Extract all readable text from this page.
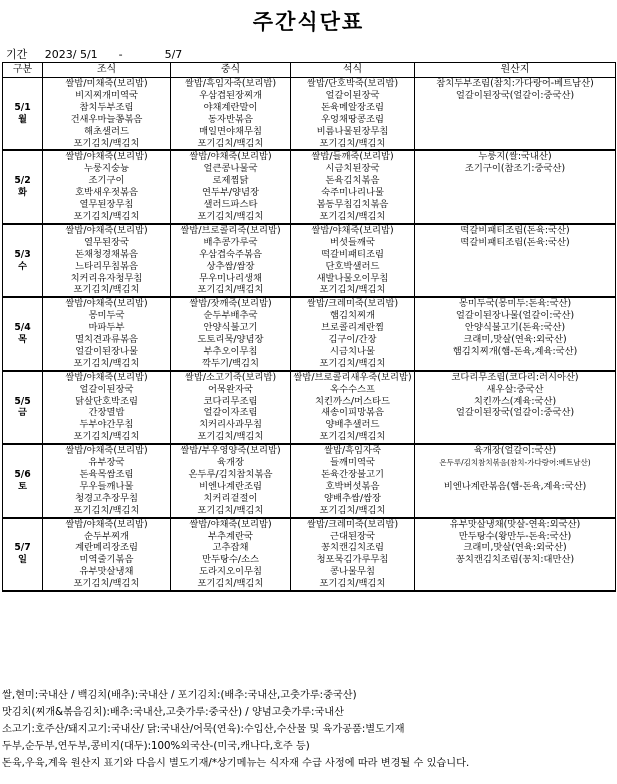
주간식단표
기간 2023/ 5/1 -	5/7
구분	조식	중식	석식	원산지

5/1
월	쌀밥/미채죽(보리밥)	쌀밥/흑임자죽(보리밥)	쌀밥/단호박죽(보리밥)	참치두부조림(참치:가다랑어-베트남산)
	비지찌개미역국	우삼겹된장찌개	얼갈이된장국	얼갈이된장국(얼갈이:중국산)
	참치두부조림	야채계란말이	돈육메알장조림	
	건새우마늘쫑볶음	동자반볶음	우엉채땅콩조림	
	해초샐러드	매일면야채무침	비름나물된장무침	
	포기김치/백김치	포기김치/백김치	포기김치/백김치	

5/2
화	쌀밥/야채죽(보리밥)	쌀밥/야채죽(보리밥)	쌀밥/들깨죽(보리밥)	누룽지(쌀:국내산)
	누룽지숭늉	얼큰콩나물국	시금치된장국	조기구이(참조기:중국산)
	조기구이	로제찜닭	돈육김치볶음	
	호박새우젓볶음	연두부/양념장	숙주미나리나물	
	열무된장무침	샐러드파스타	봄동무침김치볶음	
	포기김치/백김치	포기김치/백김치	포기김치/백김치	

5/3
수	쌀밥/야채죽(보리밥)	쌀밥/브로콜리죽(보리밥)	쌀밥/야채죽(보리밥)	떡갈비패티조림(돈육:국산)
	열무된장국	배추콩가루국	버섯들깨국	떡갈비패티조림(돈육:국산)
	돈채청경채볶음	우삼겹숙주볶음	떡갈비패티조림	
	느타리무침볶음	상추쌈/쌈장	단호박샐러드	
	치커리유자청무침	무우미나리생채	새발나물오이무침	
	포기김치/백김치	포기김치/백김치	포기김치/백김치	

5/4
목	쌀밥/야채죽(보리밥)	쌀밥/잣깨죽(보리밥)	쌀밥/크레미죽(보리밥)	몽미두국(몽미두:돈육:국산)
	몽미두국	순두부배추국	햄김치찌개	얼갈이된장나물(얼갈이:국산)
	마파두부	안양식불고기	브로콜리계란찜	안양식불고기(돈육:국산)
	멸치견과류볶음	도토리묵/양념장	김구이/간장	크래미,맛살(연육:외국산)
	얼갈이된장나물	부추오이무침	시금치나물	햄김치찌개(햄-돈육,계육:국산)
	포기김치/백김치	깍두기/백김치	포기김치/백김치	

5/5
금	쌀밥/야채죽(보리밥)	쌀밥/소고기죽(보리밥)	쌀밥/브로콜리새우죽(보리밥)	코다리무조림(코다리:러시아산)
	얼갈이된장국	어묵완자국	옥수수스프	새우살:중국산
	닭살단호박조림	코다리무조림	치킨까스/머스타드	치킨까스(계육:국산)
	간장멸밥	얼갈이자조림	새송이피망볶음	얼갈이된장국(얼갈이:중국산)
	두부야간무침	치커리사과무침	양배추샐러드	
	포기김치/백김치	포기김치/백김치	포기김치/백김치	

5/6
토	쌀밥/야채죽(보리밥)	쌀밥/부우영양죽(보리밥)	쌀밥/흑임자죽	육개장(얼갈이:국산)
	유부장국	육개장	들깨미역국	온두루/김치참치볶음(참치-가다랑어:베트남산)
	돈육목쌈조림	온두루/김치참치볶음	돈육간장불고기	
	무우들깨나물	비엔나계란조림	호박버섯볶음	비엔나계란볶음(햄-돈육,계육:국산)
	청경고추장무침	치커리겉절이	양배추쌈/쌈장	
	포기김치/백김치	포기김치/백김치	포기김치/백김치	

5/7
일	쌀밥/야채죽(보리밥)	쌀밥/야채죽(보리밥)	쌀밥/크레미죽(보리밥)	유부맛살냉채(맛살-연육:외국산)
	순두부찌개	부추계란국	근대된장국	만두탕수(왕만두-돈육:국산)
	계란메리장조림	고추잡채	꽁치캔김치조림	크래미,맛살(연육:외국산)
	미역줄기볶음	만두탕수/소스	청포묵김가루무침	꽁치캔김치조림(꽁치:대만산)
	유부맛살냉채	도라지오이무침	콩나물무침	
	포기김치/백김치	포기김치/백김치	포기김치/백김치	
쌀,현미:국내산 / 백김치(배추):국내산 / 포기김치:(배추:국내산,고춧가루:중국산)
맛김치(찌개&볶음김치):배추:국내산,고춧가루:중국산) / 양념고춧가루:국내산
소고기:호주산/돼지고기:국내산/ 닭:국내산/어묵(연육):수입산,수산물 및 육가공품:별도기재
두부,순두부,연두부,콩비지(대두):100%외국산-(미국,캐나다,호주 등)
돈육,우육,계육 원산지 표기와 다음시 별도기재/*상기메뉴는 식자재 수급 사정에 따라 변경될 수 있습니다.
